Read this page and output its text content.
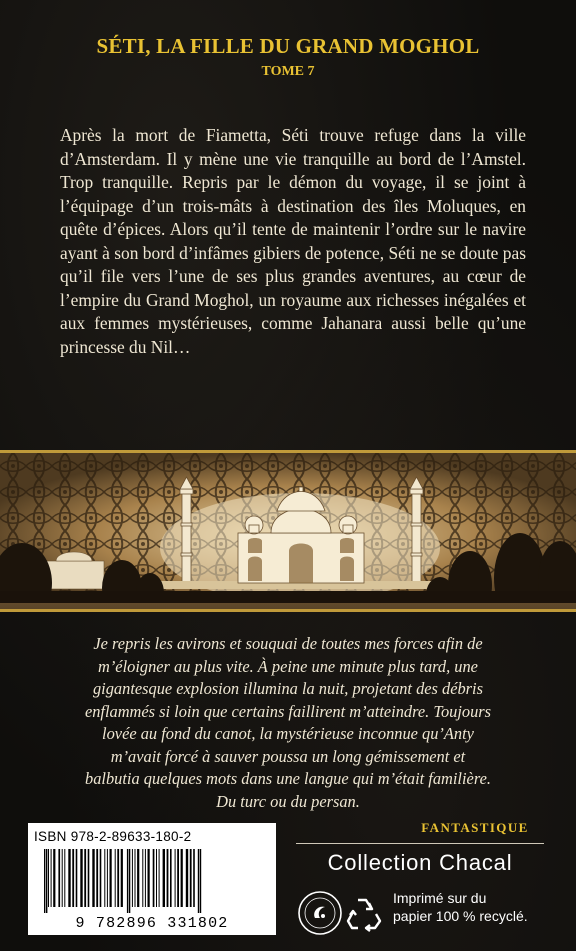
SÉTI, LA FILLE DU GRAND MOGHOL
TOME 7

Après la mort de Fiametta, Séti trouve refuge dans la ville d’Amsterdam. Il y mène une vie tranquille au bord de l’Amstel. Trop tranquille. Repris par le démon du voyage, il se joint à l’équipage d’un trois-mâts à destination des îles Moluques, en quête d’épices. Alors qu’il tente de maintenir l’ordre sur le navire ayant à son bord d’infâmes gibiers de potence, Séti ne se doute pas qu’il file vers l’une de ses plus grandes aventures, au cœur de l’empire du Grand Moghol, un royaume aux richesses inégalées et aux femmes mystérieuses, comme Jahanara aussi belle qu’une princesse du Nil…

Je repris les avirons et souquai de toutes mes forces afin de
m’éloigner au plus vite. À peine une minute plus tard, une
gigantesque explosion illumina la nuit, projetant des débris
enflammés si loin que certains faillirent m’atteindre. Toujours
lovée au fond du canot, la mystérieuse inconnue qu’Anty
m’avait forcé à sauver poussa un long gémissement et
balbutia quelques mots dans une langue qui m’était familière.
Du turc ou du persan.
ISBN 978-2-89633-180-2
9 782896 331802
FANTASTIQUE
Collection Chacal
Imprimé sur du
papier 100 % recyclé.
